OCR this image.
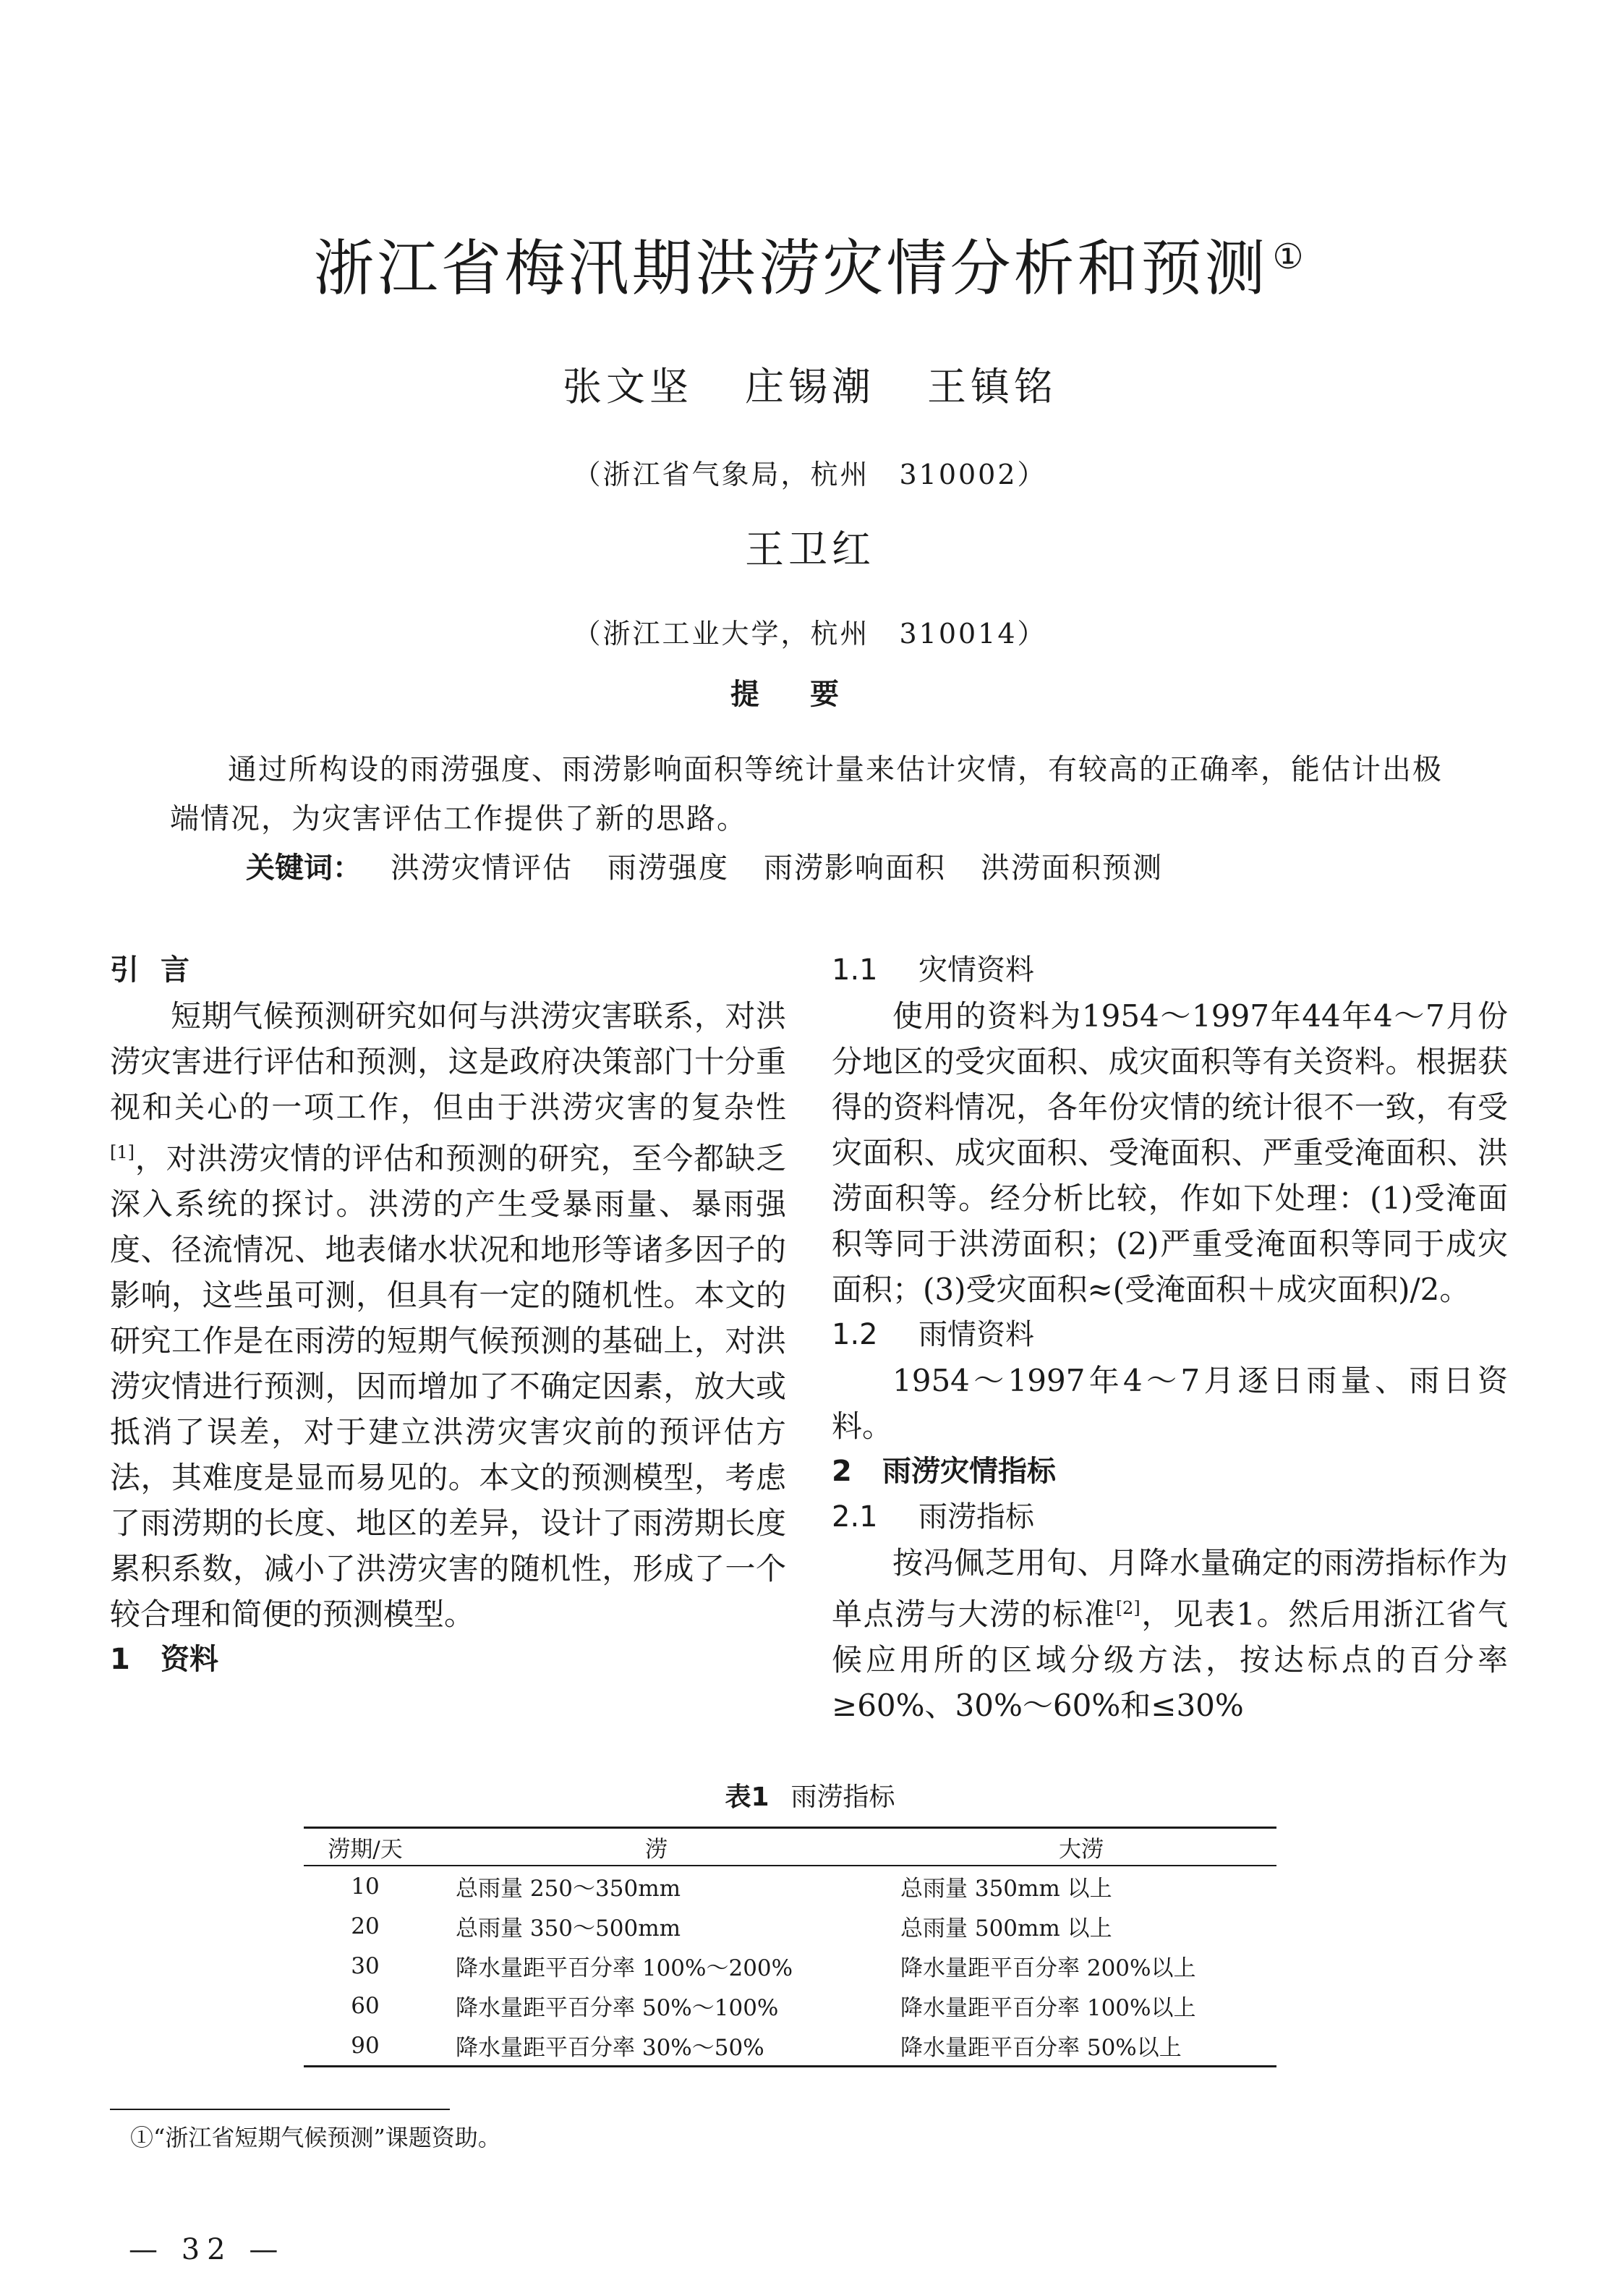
浙江省梅汛期洪涝灾情分析和预测 ①
张文坚 庄锡潮 王镇铭
（浙江省气象局，杭州　310002）
王卫红
（浙江工业大学，杭州　310014）
提要

通过所构设的雨涝强度、雨涝影响面积等统计量来估计灾情，有较高的正确率，能估计出极端情况，为灾害评估工作提供了新的思路。

关键词： 洪涝灾情评估 雨涝强度 雨涝影响面积 洪涝面积预测
引 言

短期气候预测研究如何与洪涝灾害联系，对洪涝灾害进行评估和预测，这是政府决策部门十分重视和关心的一项工作，但由于洪涝灾害的复杂性[1]，对洪涝灾情的评估和预测的研究，至今都缺乏深入系统的探讨。洪涝的产生受暴雨量、暴雨强度、径流情况、地表储水状况和地形等诸多因子的影响，这些虽可测，但具有一定的随机性。本文的研究工作是在雨涝的短期气候预测的基础上，对洪涝灾情进行预测，因而增加了不确定因素，放大或抵消了误差，对于建立洪涝灾害灾前的预评估方法，其难度是显而易见的。本文的预测模型，考虑了雨涝期的长度、地区的差异，设计了雨涝期长度累积系数，减小了洪涝灾害的随机性，形成了一个较合理和简便的预测模型。

1 资料
1.1 灾情资料

使用的资料为1954～1997年44年4～7月份分地区的受灾面积、成灾面积等有关资料。根据获得的资料情况，各年份灾情的统计很不一致，有受灾面积、成灾面积、受淹面积、严重受淹面积、洪涝面积等。经分析比较，作如下处理：(1)受淹面积等同于洪涝面积；(2)严重受淹面积等同于成灾面积；(3)受灾面积≈(受淹面积＋成灾面积)/2。

1.2 雨情资料

1954～1997年4～7月逐日雨量、雨日资料。

2 雨涝灾情指标
2.1 雨涝指标

按冯佩芝用旬、月降水量确定的雨涝指标作为单点涝与大涝的标准[2]，见表1。然后用浙江省气候应用所的区域分级方法，按达标点的百分率≥60%、30%～60%和≤30%

表1 雨涝指标
涝期/天	涝	大涝
10	总雨量 250～350mm	总雨量 350mm 以上
20	总雨量 350～500mm	总雨量 500mm 以上
30	降水量距平百分率 100%～200%	降水量距平百分率 200%以上
60	降水量距平百分率 50%～100%	降水量距平百分率 100%以上
90	降水量距平百分率 30%～50%	降水量距平百分率 50%以上
①“浙江省短期气候预测”课题资助。
— 32 —
